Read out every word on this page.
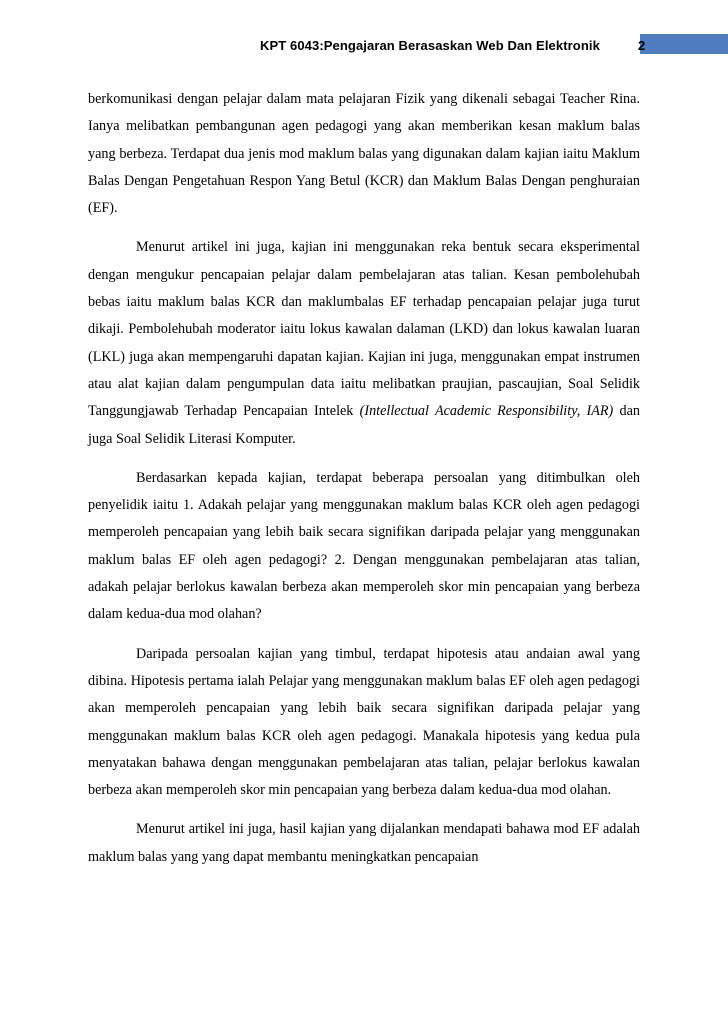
KPT 6043:Pengajaran Berasaskan Web Dan Elektronik	2

berkomunikasi dengan pelajar dalam mata pelajaran Fizik yang dikenali sebagai Teacher Rina. Ianya melibatkan pembangunan agen pedagogi yang akan memberikan kesan maklum balas yang berbeza. Terdapat dua jenis mod maklum balas yang digunakan dalam kajian iaitu Maklum Balas Dengan Pengetahuan Respon Yang Betul (KCR) dan Maklum Balas Dengan penghuraian (EF).

Menurut artikel ini juga, kajian ini menggunakan reka bentuk secara eksperimental dengan mengukur pencapaian pelajar dalam pembelajaran atas talian. Kesan pembolehubah bebas iaitu maklum balas KCR dan maklumbalas EF terhadap pencapaian pelajar juga turut dikaji. Pembolehubah moderator iaitu lokus kawalan dalaman (LKD) dan lokus kawalan luaran (LKL) juga akan mempengaruhi dapatan kajian. Kajian ini juga, menggunakan empat instrumen atau alat kajian dalam pengumpulan data iaitu melibatkan praujian, pascaujian, Soal Selidik Tanggungjawab Terhadap Pencapaian Intelek (Intellectual Academic Responsibility, IAR) dan juga Soal Selidik Literasi Komputer.

Berdasarkan kepada kajian, terdapat beberapa persoalan yang ditimbulkan oleh penyelidik iaitu 1. Adakah pelajar yang menggunakan maklum balas KCR oleh agen pedagogi memperoleh pencapaian yang lebih baik secara signifikan daripada pelajar yang menggunakan maklum balas EF oleh agen pedagogi? 2. Dengan menggunakan pembelajaran atas talian, adakah pelajar berlokus kawalan berbeza akan memperoleh skor min pencapaian yang berbeza dalam kedua-dua mod olahan?

Daripada persoalan kajian yang timbul, terdapat hipotesis atau andaian awal yang dibina. Hipotesis pertama ialah Pelajar yang menggunakan maklum balas EF oleh agen pedagogi akan memperoleh pencapaian yang lebih baik secara signifikan daripada pelajar yang menggunakan maklum balas KCR oleh agen pedagogi. Manakala hipotesis yang kedua pula menyatakan bahawa dengan menggunakan pembelajaran atas talian, pelajar berlokus kawalan berbeza akan memperoleh skor min pencapaian yang berbeza dalam kedua-dua mod olahan.

Menurut artikel ini juga, hasil kajian yang dijalankan mendapati bahawa mod EF adalah maklum balas yang yang dapat membantu meningkatkan pencapaian
